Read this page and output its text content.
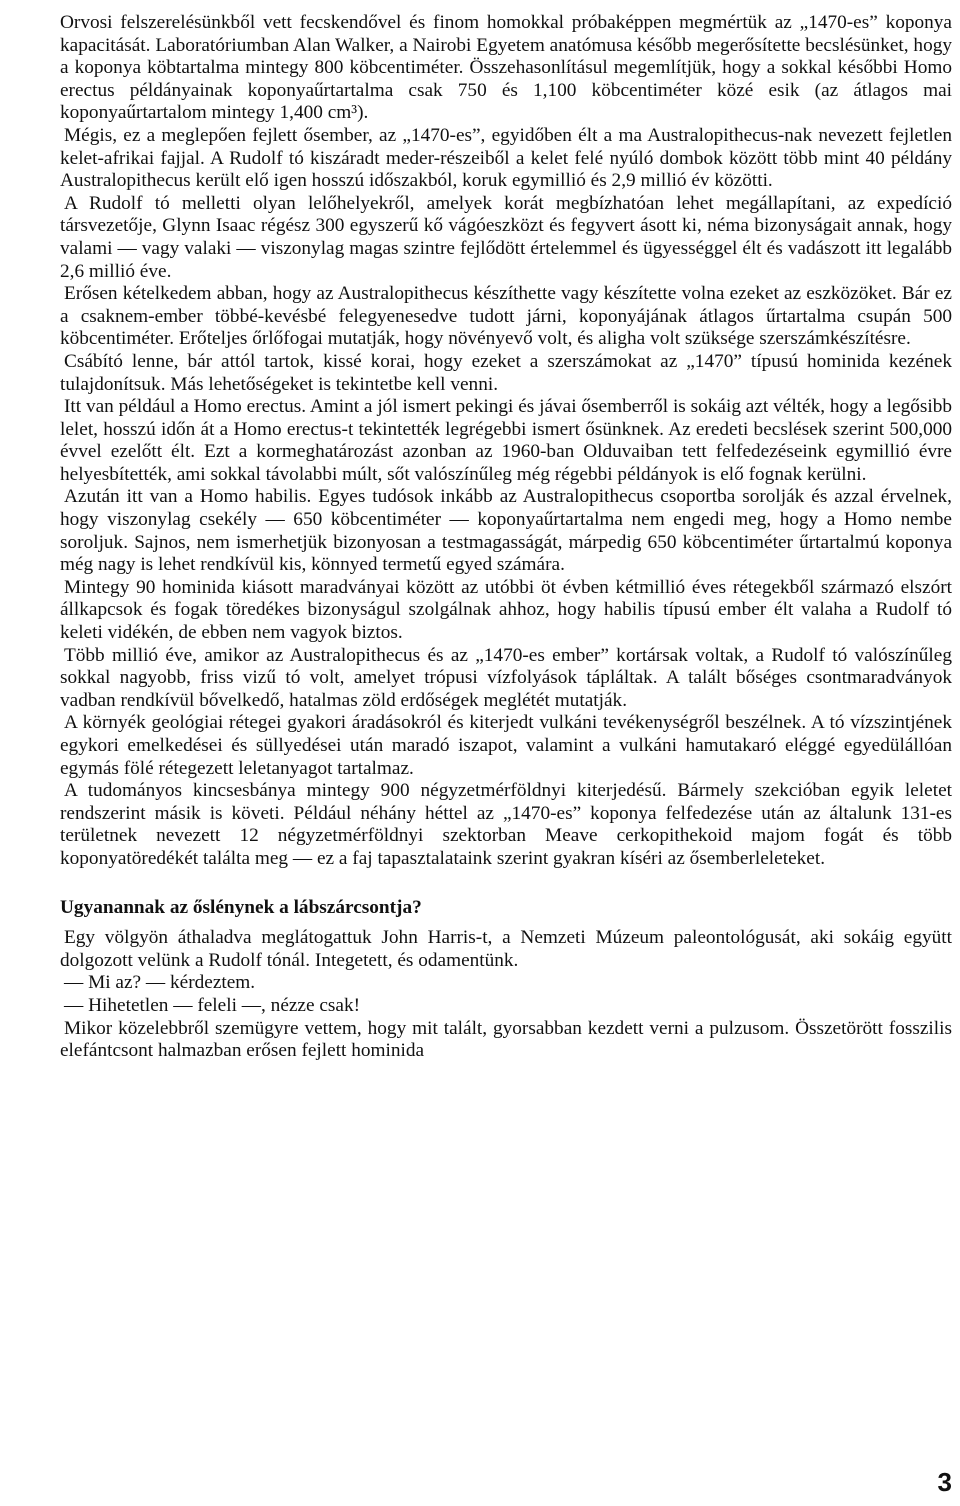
Orvosi felszerelésünkből vett fecskendővel és finom homokkal próbaképpen megmértük az „1470-es” koponya kapacitását. Laboratóriumban Alan Walker, a Nairobi Egyetem anatómusa később megerősítette becslésünket, hogy a koponya köbtartalma mintegy 800 köbcentiméter. Összehasonlításul megemlítjük, hogy a sokkal későbbi Homo erectus példányainak koponyaűrtartalma csak 750 és 1,100 köbcentiméter közé esik (az átlagos mai koponyaűrtartalom mintegy 1,400 cm³).

Mégis, ez a meglepően fejlett ősember, az „1470-es”, egyidőben élt a ma Australopithecus-nak nevezett fejletlen kelet-afrikai fajjal. A Rudolf tó kiszáradt meder-részeiből a kelet felé nyúló dombok között több mint 40 példány Australopithecus került elő igen hosszú időszakból, koruk egymillió és 2,9 millió év közötti.

A Rudolf tó melletti olyan lelőhelyekről, amelyek korát megbízhatóan lehet megállapítani, az expedíció társvezetője, Glynn Isaac régész 300 egyszerű kő vágóeszközt és fegyvert ásott ki, néma bizonyságait annak, hogy valami — vagy valaki — viszonylag magas szintre fejlődött értelemmel és ügyességgel élt és vadászott itt legalább 2,6 millió éve.

Erősen kételkedem abban, hogy az Australopithecus készíthette vagy készítette volna ezeket az eszközöket. Bár ez a csaknem-ember többé-kevésbé felegyenesedve tudott járni, koponyájának átlagos űrtartalma csupán 500 köbcentiméter. Erőteljes őrlőfogai mutatják, hogy növényevő volt, és aligha volt szüksége szerszámkészítésre.

Csábító lenne, bár attól tartok, kissé korai, hogy ezeket a szerszámokat az „1470” típusú hominida kezének tulajdonítsuk. Más lehetőségeket is tekintetbe kell venni.

Itt van például a Homo erectus. Amint a jól ismert pekingi és jávai ősemberről is sokáig azt vélték, hogy a legősibb lelet, hosszú időn át a Homo erectus-t tekintették legrégebbi ismert ősünknek. Az eredeti becslések szerint 500,000 évvel ezelőtt élt. Ezt a kormeghatározást azonban az 1960-ban Olduvaiban tett felfedezéseink egymillió évre helyesbítették, ami sokkal távolabbi múlt, sőt valószínűleg még régebbi példányok is elő fognak kerülni.

Azután itt van a Homo habilis. Egyes tudósok inkább az Australopithecus csoportba sorolják és azzal érvelnek, hogy viszonylag csekély — 650 köbcentiméter — koponyaűrtartalma nem engedi meg, hogy a Homo nembe soroljuk. Sajnos, nem ismerhetjük bizonyosan a testmagasságát, márpedig 650 köbcentiméter űrtartalmú koponya még nagy is lehet rendkívül kis, könnyed termetű egyed számára.

Mintegy 90 hominida kiásott maradványai között az utóbbi öt évben kétmillió éves rétegekből származó elszórt állkapcsok és fogak töredékes bizonyságul szolgálnak ahhoz, hogy habilis típusú ember élt valaha a Rudolf tó keleti vidékén, de ebben nem vagyok biztos.

Több millió éve, amikor az Australopithecus és az „1470-es ember” kortársak voltak, a Rudolf tó valószínűleg sokkal nagyobb, friss vizű tó volt, amelyet trópusi vízfolyások tápláltak. A talált bőséges csontmaradványok vadban rendkívül bővelkedő, hatalmas zöld erdőségek meglétét mutatják.

A környék geológiai rétegei gyakori áradásokról és kiterjedt vulkáni tevékenységről beszélnek. A tó vízszintjének egykori emelkedései és süllyedései után maradó iszapot, valamint a vulkáni hamutakaró eléggé egyedülállóan egymás fölé rétegezett leletanyagot tartalmaz.

A tudományos kincsesbánya mintegy 900 négyzetmérföldnyi kiterjedésű. Bármely szekcióban egyik leletet rendszerint másik is követi. Például néhány héttel az „1470-es” koponya felfedezése után az általunk 131-es területnek nevezett 12 négyzetmérföldnyi szektorban Meave cerkopithekoid majom fogát és több koponyatöredékét találta meg — ez a faj tapasztalataink szerint gyakran kíséri az ősemberleleteket.

Ugyanannak az őslénynek a lábszárcsontja?

Egy völgyön áthaladva meglátogattuk John Harris-t, a Nemzeti Múzeum paleontológusát, aki sokáig együtt dolgozott velünk a Rudolf tónál. Integetett, és odamentünk.

— Mi az? — kérdeztem.

— Hihetetlen — feleli —, nézze csak!

Mikor közelebbről szemügyre vettem, hogy mit talált, gyorsabban kezdett verni a pulzusom. Összetörött fosszilis elefántcsont halmazban erősen fejlett hominida

3
